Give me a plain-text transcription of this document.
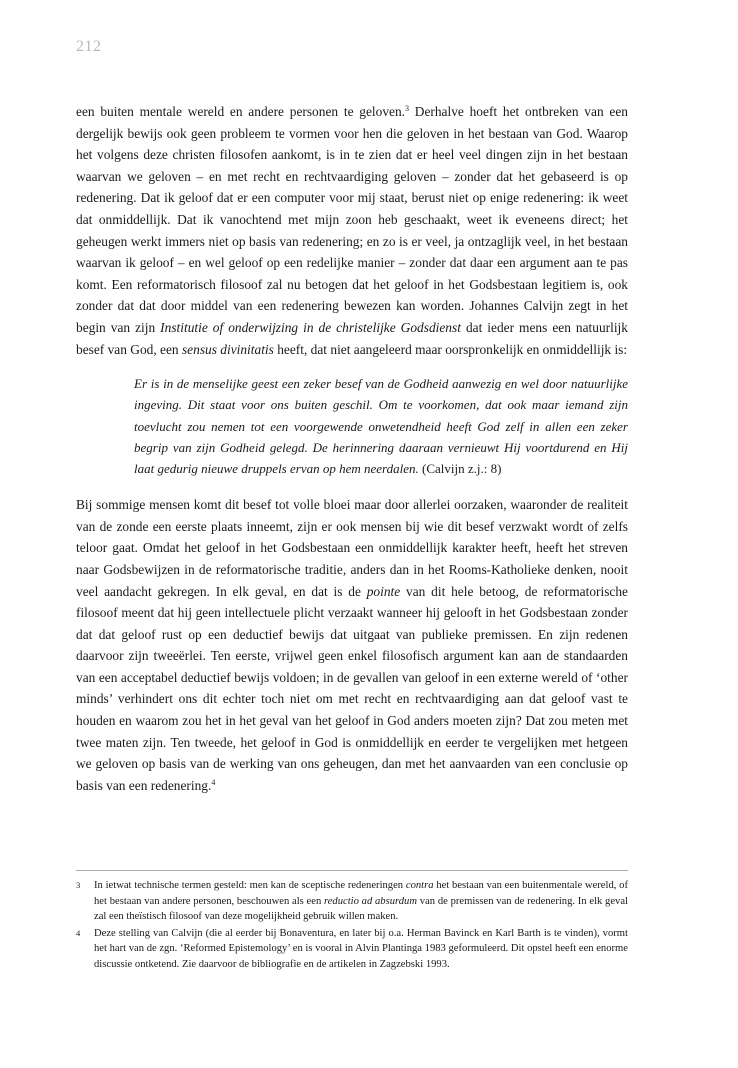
212

een buiten mentale wereld en andere personen te geloven.$^3$ Derhalve hoeft het ontbreken van een dergelijk bewijs ook geen probleem te vormen voor hen die geloven in het bestaan van God. Waarop het volgens deze christen filosofen aankomt, is in te zien dat er heel veel dingen zijn in het bestaan waarvan we geloven – en met recht en rechtvaardiging geloven – zonder dat het gebaseerd is op redenering. Dat ik geloof dat er een computer voor mij staat, berust niet op enige redenering: ik weet dat onmiddellijk. Dat ik vanochtend met mijn zoon heb geschaakt, weet ik eveneens direct; het geheugen werkt immers niet op basis van redenering; en zo is er veel, ja ontzaglijk veel, in het bestaan waarvan ik geloof – en wel geloof op een redelijke manier – zonder dat daar een argument aan te pas komt. Een reformatorisch filosoof zal nu betogen dat het geloof in het Godsbestaan legitiem is, ook zonder dat dat door middel van een redenering bewezen kan worden. Johannes Calvijn zegt in het begin van zijn Institutie of onderwijzing in de christelijke Godsdienst dat ieder mens een natuurlijk besef van God, een sensus divinitatis heeft, dat niet aangeleerd maar oorspronkelijk en onmiddellijk is:

Er is in de menselijke geest een zeker besef van de Godheid aanwezig en wel door natuurlijke ingeving. Dit staat voor ons buiten geschil. Om te voorkomen, dat ook maar iemand zijn toevlucht zou nemen tot een voorgewende onwetendheid heeft God zelf in allen een zeker begrip van zijn Godheid gelegd. De herinnering daaraan vernieuwt Hij voortdurend en Hij laat gedurig nieuwe druppels ervan op hem neerdalen. (Calvijn z.j.: 8)

Bij sommige mensen komt dit besef tot volle bloei maar door allerlei oorzaken, waaronder de realiteit van de zonde een eerste plaats inneemt, zijn er ook mensen bij wie dit besef verzwakt wordt of zelfs teloor gaat. Omdat het geloof in het Godsbestaan een onmiddellijk karakter heeft, heeft het streven naar Godsbewijzen in de reformatorische traditie, anders dan in het Rooms-Katholieke denken, nooit veel aandacht gekregen. In elk geval, en dat is de pointe van dit hele betoog, de reformatorische filosoof meent dat hij geen intellectuele plicht verzaakt wanneer hij gelooft in het Godsbestaan zonder dat dat geloof rust op een deductief bewijs dat uitgaat van publieke premissen. En zijn redenen daarvoor zijn tweeërlei. Ten eerste, vrijwel geen enkel filosofisch argument kan aan de standaarden van een acceptabel deductief bewijs voldoen; in de gevallen van geloof in een externe wereld of ‘other minds’ verhindert ons dit echter toch niet om met recht en rechtvaardiging aan dat geloof vast te houden en waarom zou het in het geval van het geloof in God anders moeten zijn? Dat zou meten met twee maten zijn. Ten tweede, het geloof in God is onmiddellijk en eerder te vergelijken met hetgeen we geloven op basis van de werking van ons geheugen, dan met het aanvaarden van een conclusie op basis van een redenering.$^4$

3	In ietwat technische termen gesteld: men kan de sceptische redeneringen contra het bestaan van een buitenmentale wereld, of het bestaan van andere personen, beschouwen als een reductio ad absurdum van de premissen van de redenering. In elk geval zal een theïstisch filosoof van deze mogelijkheid gebruik willen maken.
4	Deze stelling van Calvijn (die al eerder bij Bonaventura, en later bij o.a. Herman Bavinck en Karl Barth is te vinden), vormt het hart van de zgn. ‘Reformed Epistemology’ en is vooral in Alvin Plantinga 1983 geformuleerd. Dit opstel heeft een enorme discussie ontketend. Zie daarvoor de bibliografie en de artikelen in Zagzebski 1993.
